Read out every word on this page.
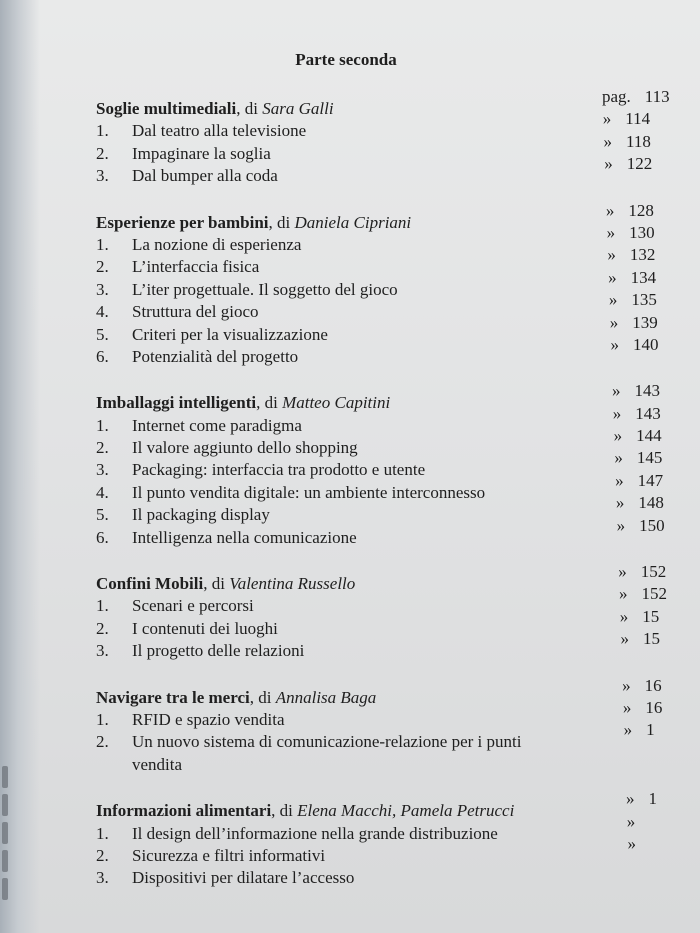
Parte seconda
Soglie multimediali, di Sara Galli
pag. 113
1. Dal teatro alla televisione
» 114
2. Impaginare la soglia
» 118
3. Dal bumper alla coda
» 122
Esperienze per bambini, di Daniela Cipriani
» 128
1. La nozione di esperienza
» 130
2. L’interfaccia fisica
» 132
3. L’iter progettuale. Il soggetto del gioco
» 134
4. Struttura del gioco
» 135
5. Criteri per la visualizzazione
» 139
6. Potenzialità del progetto
» 140
Imballaggi intelligenti, di Matteo Capitini
» 143
1. Internet come paradigma
» 143
2. Il valore aggiunto dello shopping
» 144
3. Packaging: interfaccia tra prodotto e utente
» 145
4. Il punto vendita digitale: un ambiente interconnesso
» 147
5. Il packaging display
» 148
6. Intelligenza nella comunicazione
» 150
Confini Mobili, di Valentina Russello
» 152
1. Scenari e percorsi
» 152
2. I contenuti dei luoghi
» 15
3. Il progetto delle relazioni
» 15
Navigare tra le merci, di Annalisa Baga
» 16
1. RFID e spazio vendita
» 16
2. Un nuovo sistema di comunicazione-relazione per i punti
» 1
vendita
Informazioni alimentari, di Elena Macchi, Pamela Petrucci
» 1
1. Il design dell’informazione nella grande distribuzione
»
2. Sicurezza e filtri informativi
»
3. Dispositivi per dilatare l’accesso
